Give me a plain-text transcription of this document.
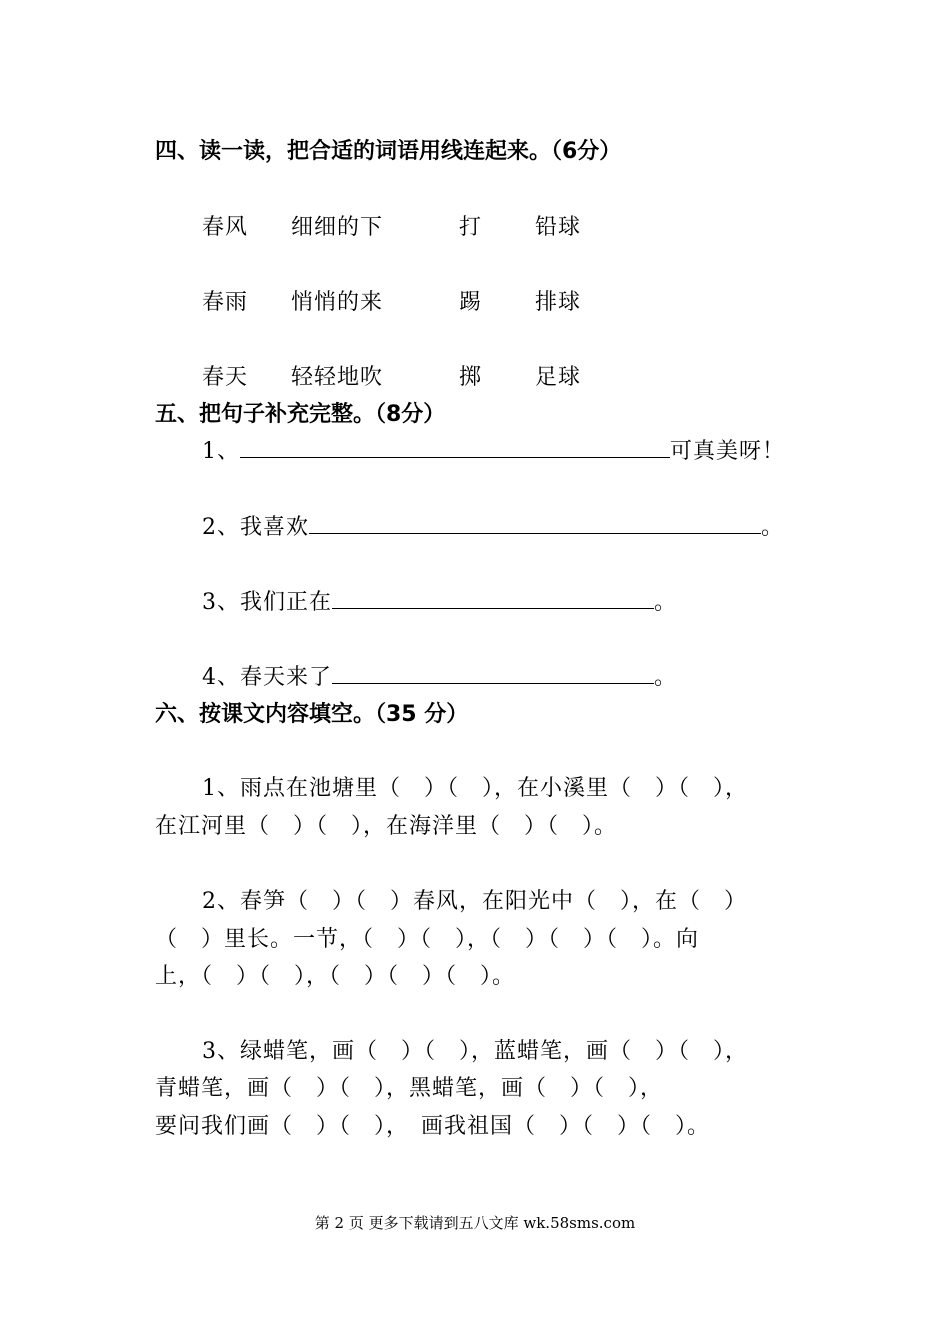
四、读一读，把合适的词语用线连起来。（6分）
春风 细细的下	打 铅球
春雨 悄悄的来	踢 排球
春天 轻轻地吹	掷 足球
五、把句子补充完整。（8分）
1、	可真美呀！
2、我喜欢	。
3、我们正在	。
4、春天来了	。
六、按课文内容填空。（35 分）
1、雨点在池塘里（　）（　），在小溪里（　）（　），
在江河里（　）（　），在海洋里（　）（　）。
2、春笋（　）（　）春风，在阳光中（　），在（　）
（　）里长。一节，（　）（　），（　）（　）（　）。向
上，（　）（　），（　）（　）（　）。
3、绿蜡笔，画（　）（　），蓝蜡笔，画（　）（　），
青蜡笔，画（　）（　），黑蜡笔，画（　）（　），
要问我们画（　）（　），　画我祖国（　）（　）（　）。
第 2 页 更多下载请到五八文库 wk.58sms.com
